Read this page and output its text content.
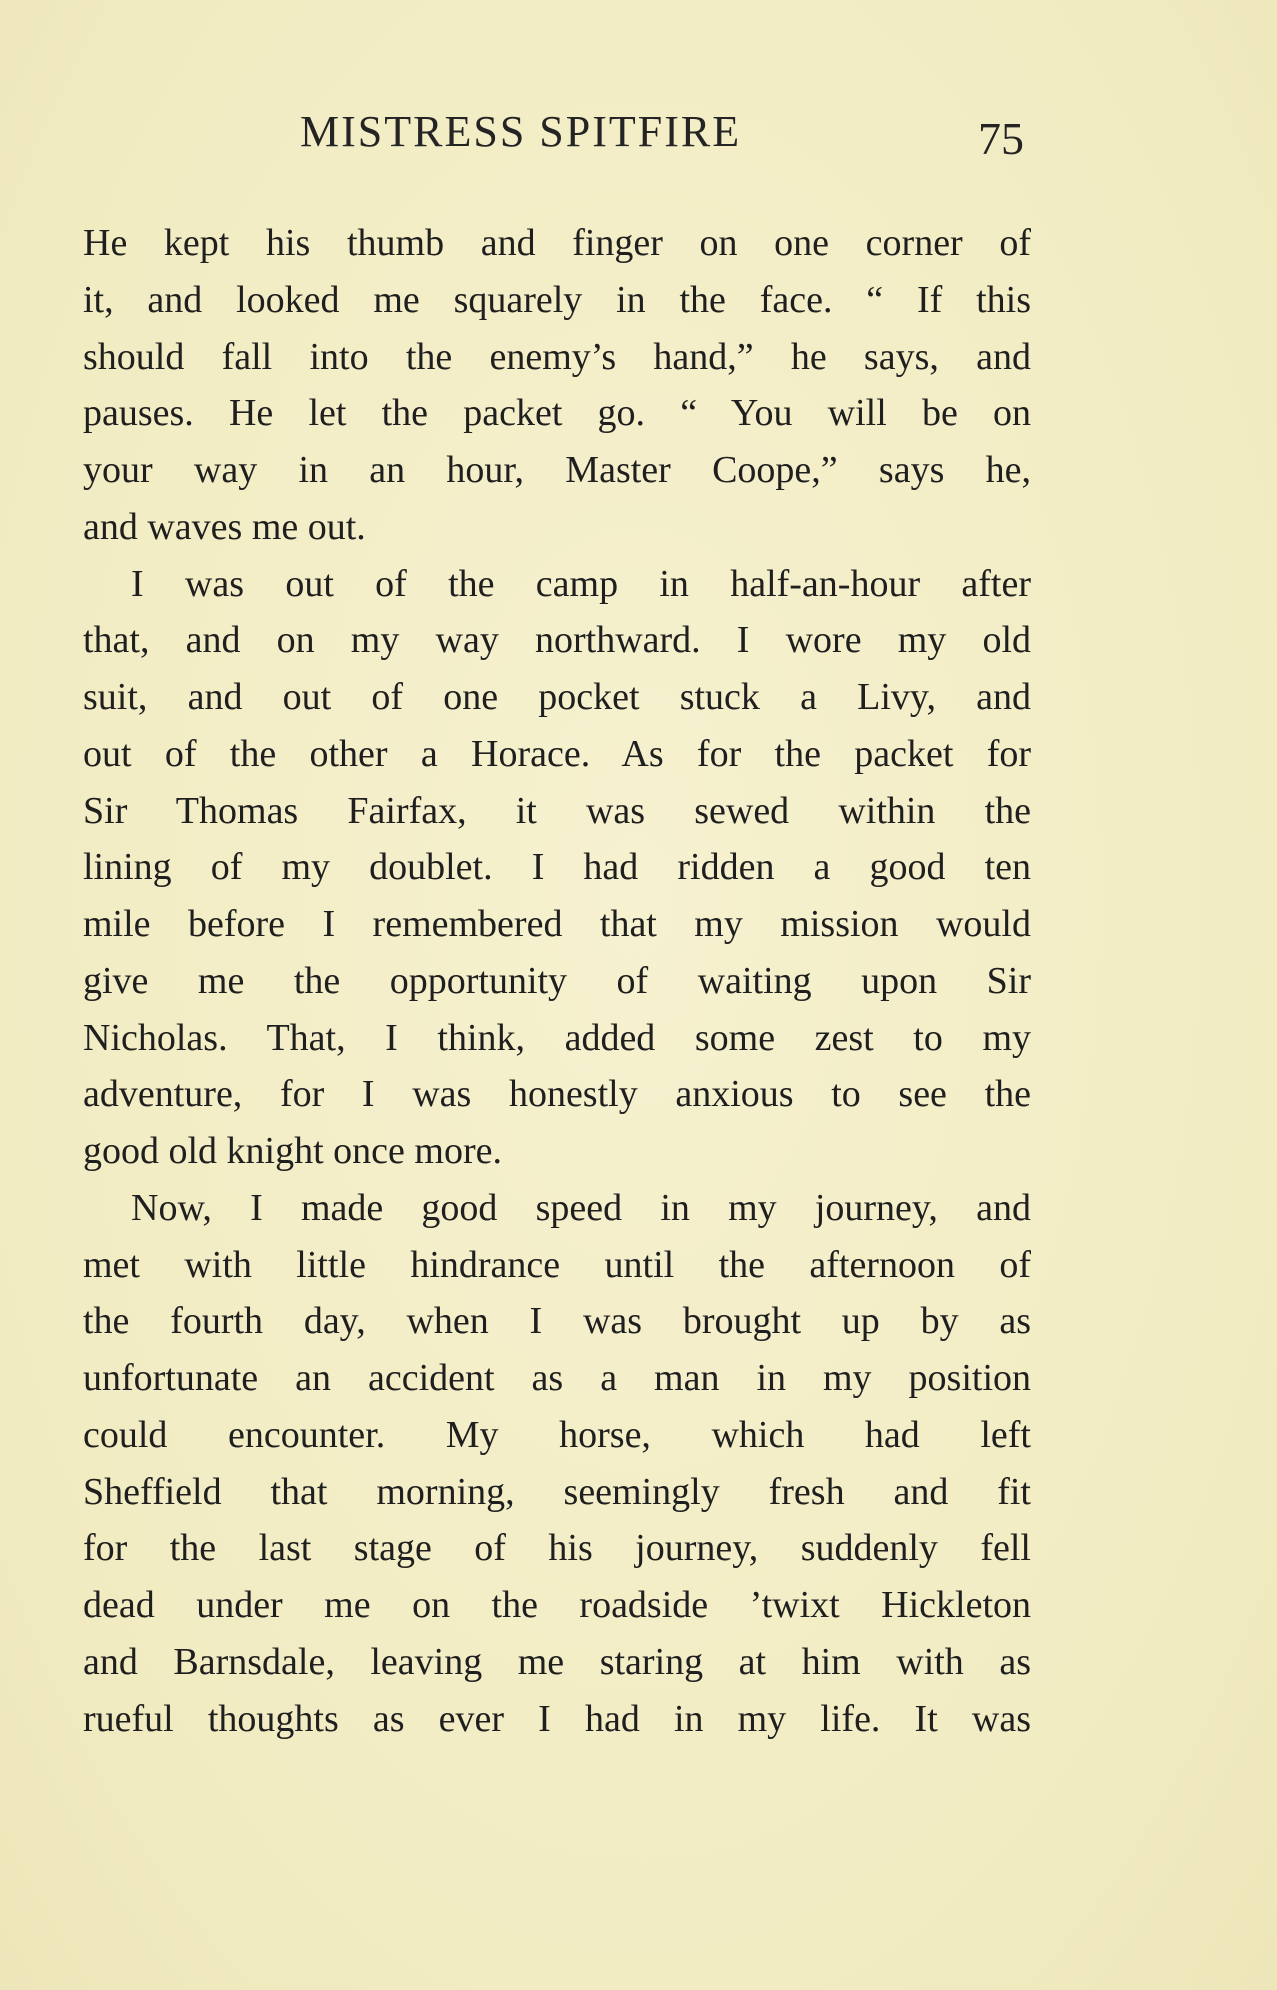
MISTRESS SPITFIRE	75
He kept his thumb and finger on one corner of
it, and looked me squarely in the face. “ If this
should fall into the enemy’s hand,” he says, and
pauses. He let the packet go. “ You will be on
your way in an hour, Master Coope,” says he,
and waves me out.
I was out of the camp in half-an-hour after
that, and on my way northward. I wore my old
suit, and out of one pocket stuck a Livy, and
out of the other a Horace. As for the packet for
Sir Thomas Fairfax, it was sewed within the
lining of my doublet. I had ridden a good ten
mile before I remembered that my mission would
give me the opportunity of waiting upon Sir
Nicholas. That, I think, added some zest to my
adventure, for I was honestly anxious to see the
good old knight once more.
Now, I made good speed in my journey, and
met with little hindrance until the afternoon of
the fourth day, when I was brought up by as
unfortunate an accident as a man in my position
could encounter. My horse, which had left
Sheffield that morning, seemingly fresh and fit
for the last stage of his journey, suddenly fell
dead under me on the roadside ’twixt Hickleton
and Barnsdale, leaving me staring at him with as
rueful thoughts as ever I had in my life. It was
